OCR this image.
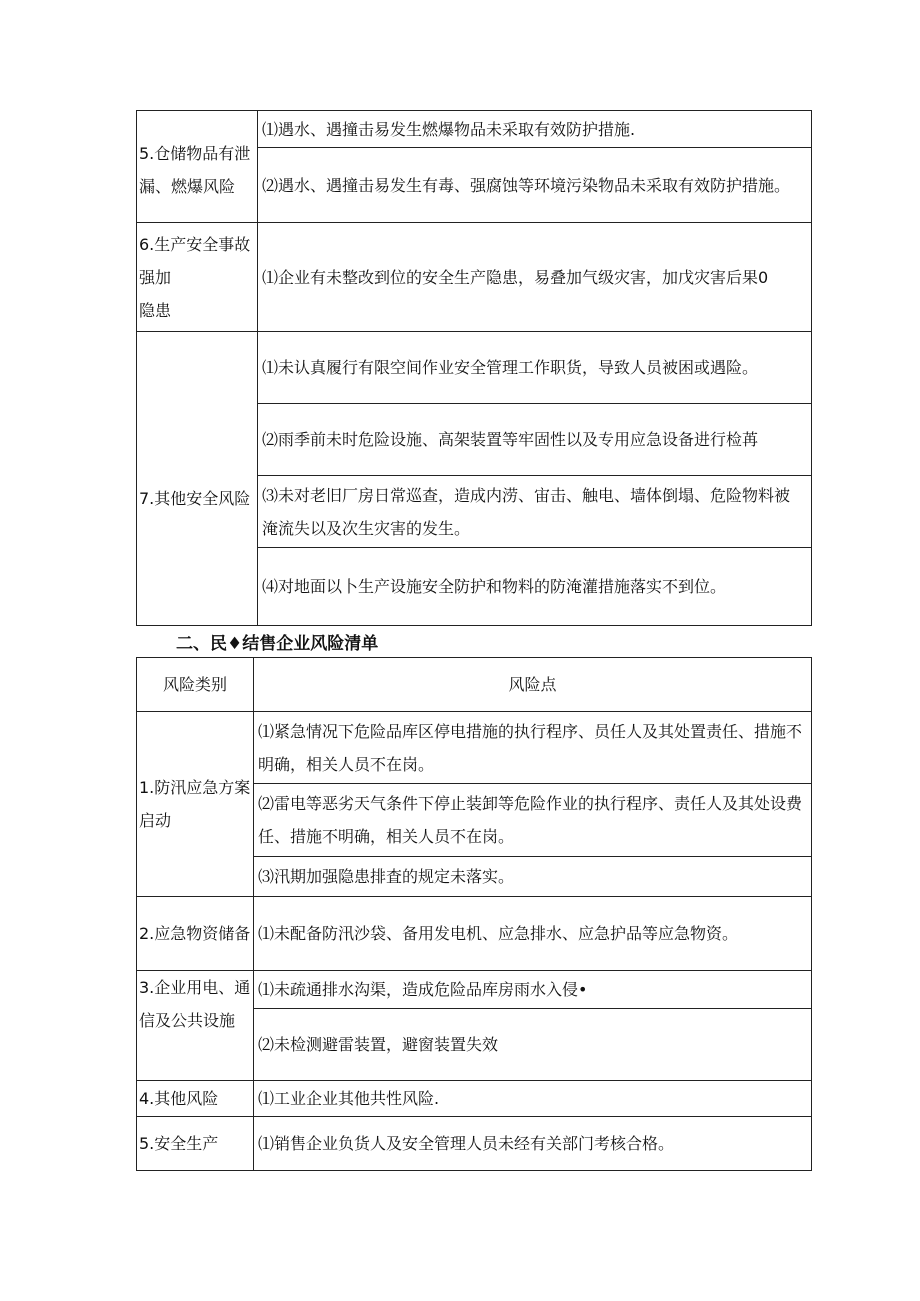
5.仓储物品有泄漏、燃爆风险	⑴遇水、遇撞击易发生燃爆物品未采取有效防护措施.
	⑵遇水、遇撞击易发生有毒、强腐蚀等环境污染物品未采取有效防护措施。
6.生产安全事故强加
隐患	⑴企业有未整改到位的安全生产隐患，易叠加气级灾害，加戊灾害后果0
7.其他安全风险	⑴未认真履行有限空间作业安全管理工作职货，导致人员被困或遇险。
	⑵雨季前未时危险设施、高架装置等牢固性以及专用应急设备进行检苒
	⑶未对老旧厂房日常巡查，造成内涝、宙击、触电、墙体倒塌、危险物料被淹流失以及次生灾害的发生。
	⑷对地面以卜生产设施安全防护和物料的防淹灌措施落实不到位。
二、民♦结售企业风险清单
风险类别	风险点
1.防汛应急方案启动	⑴紧急情况下危险品库区停电措施的执行程序、员任人及其处置责任、措施不明确，相关人员不在岗。
	⑵雷电等恶劣天气条件下停止装卸等危险作业的执行程序、责任人及其处设费任、措施不明确，相关人员不在岗。
	⑶汛期加强隐患排査的规定未落实。
2.应急物资储备	⑴未配备防汛沙袋、备用发电机、应急排水、应急护品等应急物资。
3.企业用电、通信及公共设施	⑴未疏通排水沟渠，造成危险品库房雨水入侵•
	⑵未检测避雷装置，避窗装置失效
4.其他风险	⑴工业企业其他共性风险.
5.安全生产	⑴销售企业负货人及安全管理人员未经有关部门考核合格。
